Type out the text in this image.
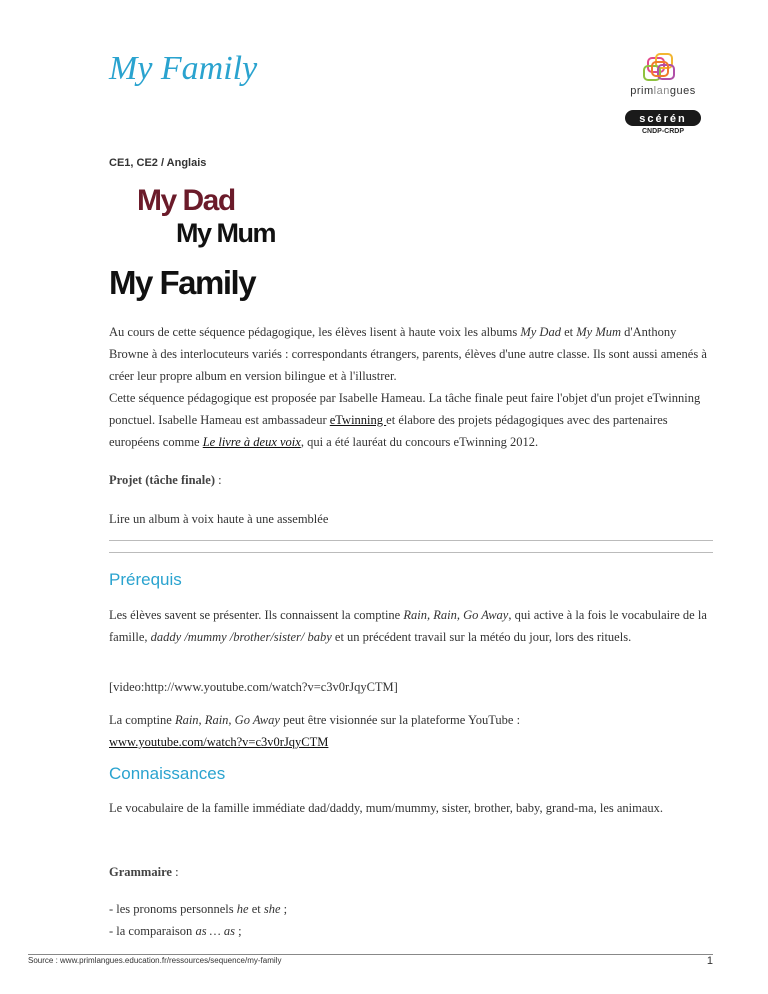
My Family
primlangues
scérén
CNDP-CRDP
CE1, CE2 / Anglais
My Dad
My Mum
My Family
Au cours de cette séquence pédagogique, les élèves lisent à haute voix les albums My Dad et My Mum d'Anthony Browne à des interlocuteurs variés : correspondants étrangers, parents, élèves d'une autre classe. Ils sont aussi amenés à créer leur propre album en version bilingue et à l'illustrer.
Cette séquence pédagogique est proposée par Isabelle Hameau. La tâche finale peut faire l'objet d'un projet eTwinning ponctuel. Isabelle Hameau est ambassadeur eTwinning et élabore des projets pédagogiques avec des partenaires européens comme Le livre à deux voix, qui a été lauréat du concours eTwinning 2012.
Projet (tâche finale) :
Lire un album à voix haute à une assemblée
Prérequis
Les élèves savent se présenter. Ils connaissent la comptine Rain, Rain, Go Away, qui active à la fois le vocabulaire de la famille, daddy /mummy /brother/sister/ baby et un précédent travail sur la météo du jour, lors des rituels.
[video:http://www.youtube.com/watch?v=c3v0rJqyCTM]
La comptine Rain, Rain, Go Away peut être visionnée sur la plateforme YouTube :
www.youtube.com/watch?v=c3v0rJqyCTM
Connaissances
Le vocabulaire de la famille immédiate dad/daddy, mum/mummy, sister, brother, baby, grand-ma, les animaux.
Grammaire :
- les pronoms personnels he et she ;
- la comparaison as … as ;
Source : www.primlangues.education.fr/ressources/sequence/my-family	1
